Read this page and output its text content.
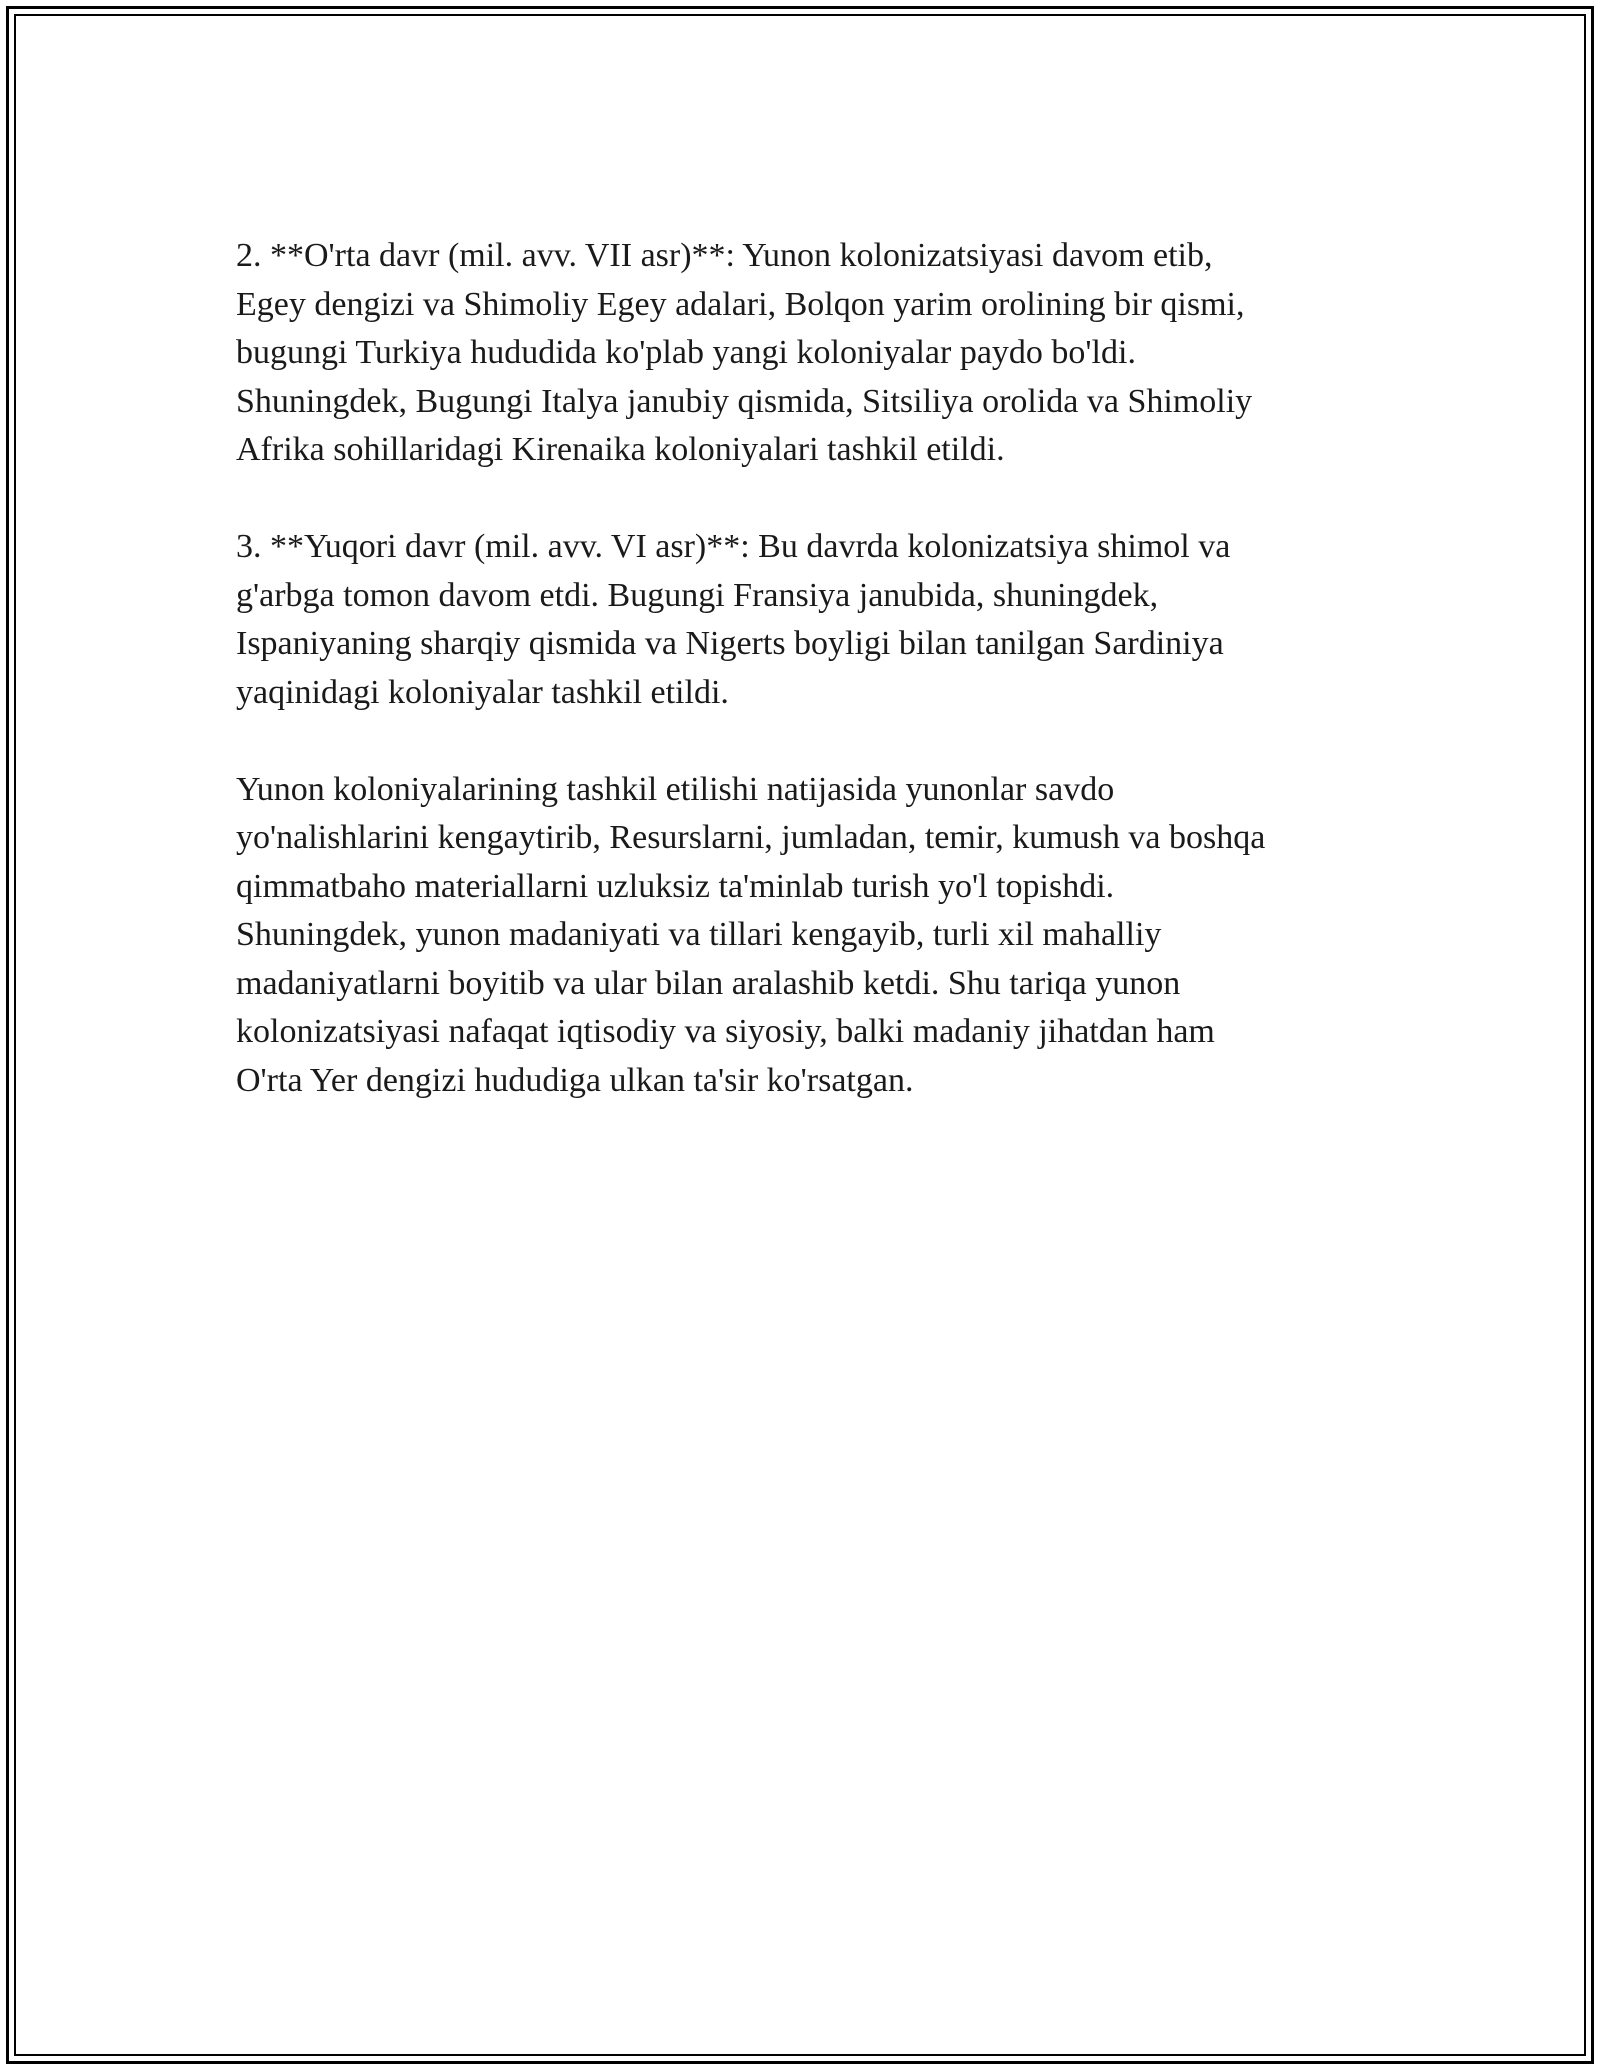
2. **O'rta davr (mil. avv. VII asr)**: Yunon kolonizatsiyasi davom etib,
Egey dengizi va Shimoliy Egey adalari, Bolqon yarim orolining bir qismi,
bugungi Turkiya hududida ko'plab yangi koloniyalar paydo bo'ldi.
Shuningdek, Bugungi Italya janubiy qismida, Sitsiliya orolida va Shimoliy
Afrika sohillaridagi Kirenaika koloniyalari tashkil etildi.

3. **Yuqori davr (mil. avv. VI asr)**: Bu davrda kolonizatsiya shimol va
g'arbga tomon davom etdi. Bugungi Fransiya janubida, shuningdek,
Ispaniyaning sharqiy qismida va Nigerts boyligi bilan tanilgan Sardiniya
yaqinidagi koloniyalar tashkil etildi.

Yunon koloniyalarining tashkil etilishi natijasida yunonlar savdo
yo'nalishlarini kengaytirib, Resurslarni, jumladan, temir, kumush va boshqa
qimmatbaho materiallarni uzluksiz ta'minlab turish yo'l topishdi.
Shuningdek, yunon madaniyati va tillari kengayib, turli xil mahalliy
madaniyatlarni boyitib va ular bilan aralashib ketdi. Shu tariqa yunon
kolonizatsiyasi nafaqat iqtisodiy va siyosiy, balki madaniy jihatdan ham
O'rta Yer dengizi hududiga ulkan ta'sir ko'rsatgan.
